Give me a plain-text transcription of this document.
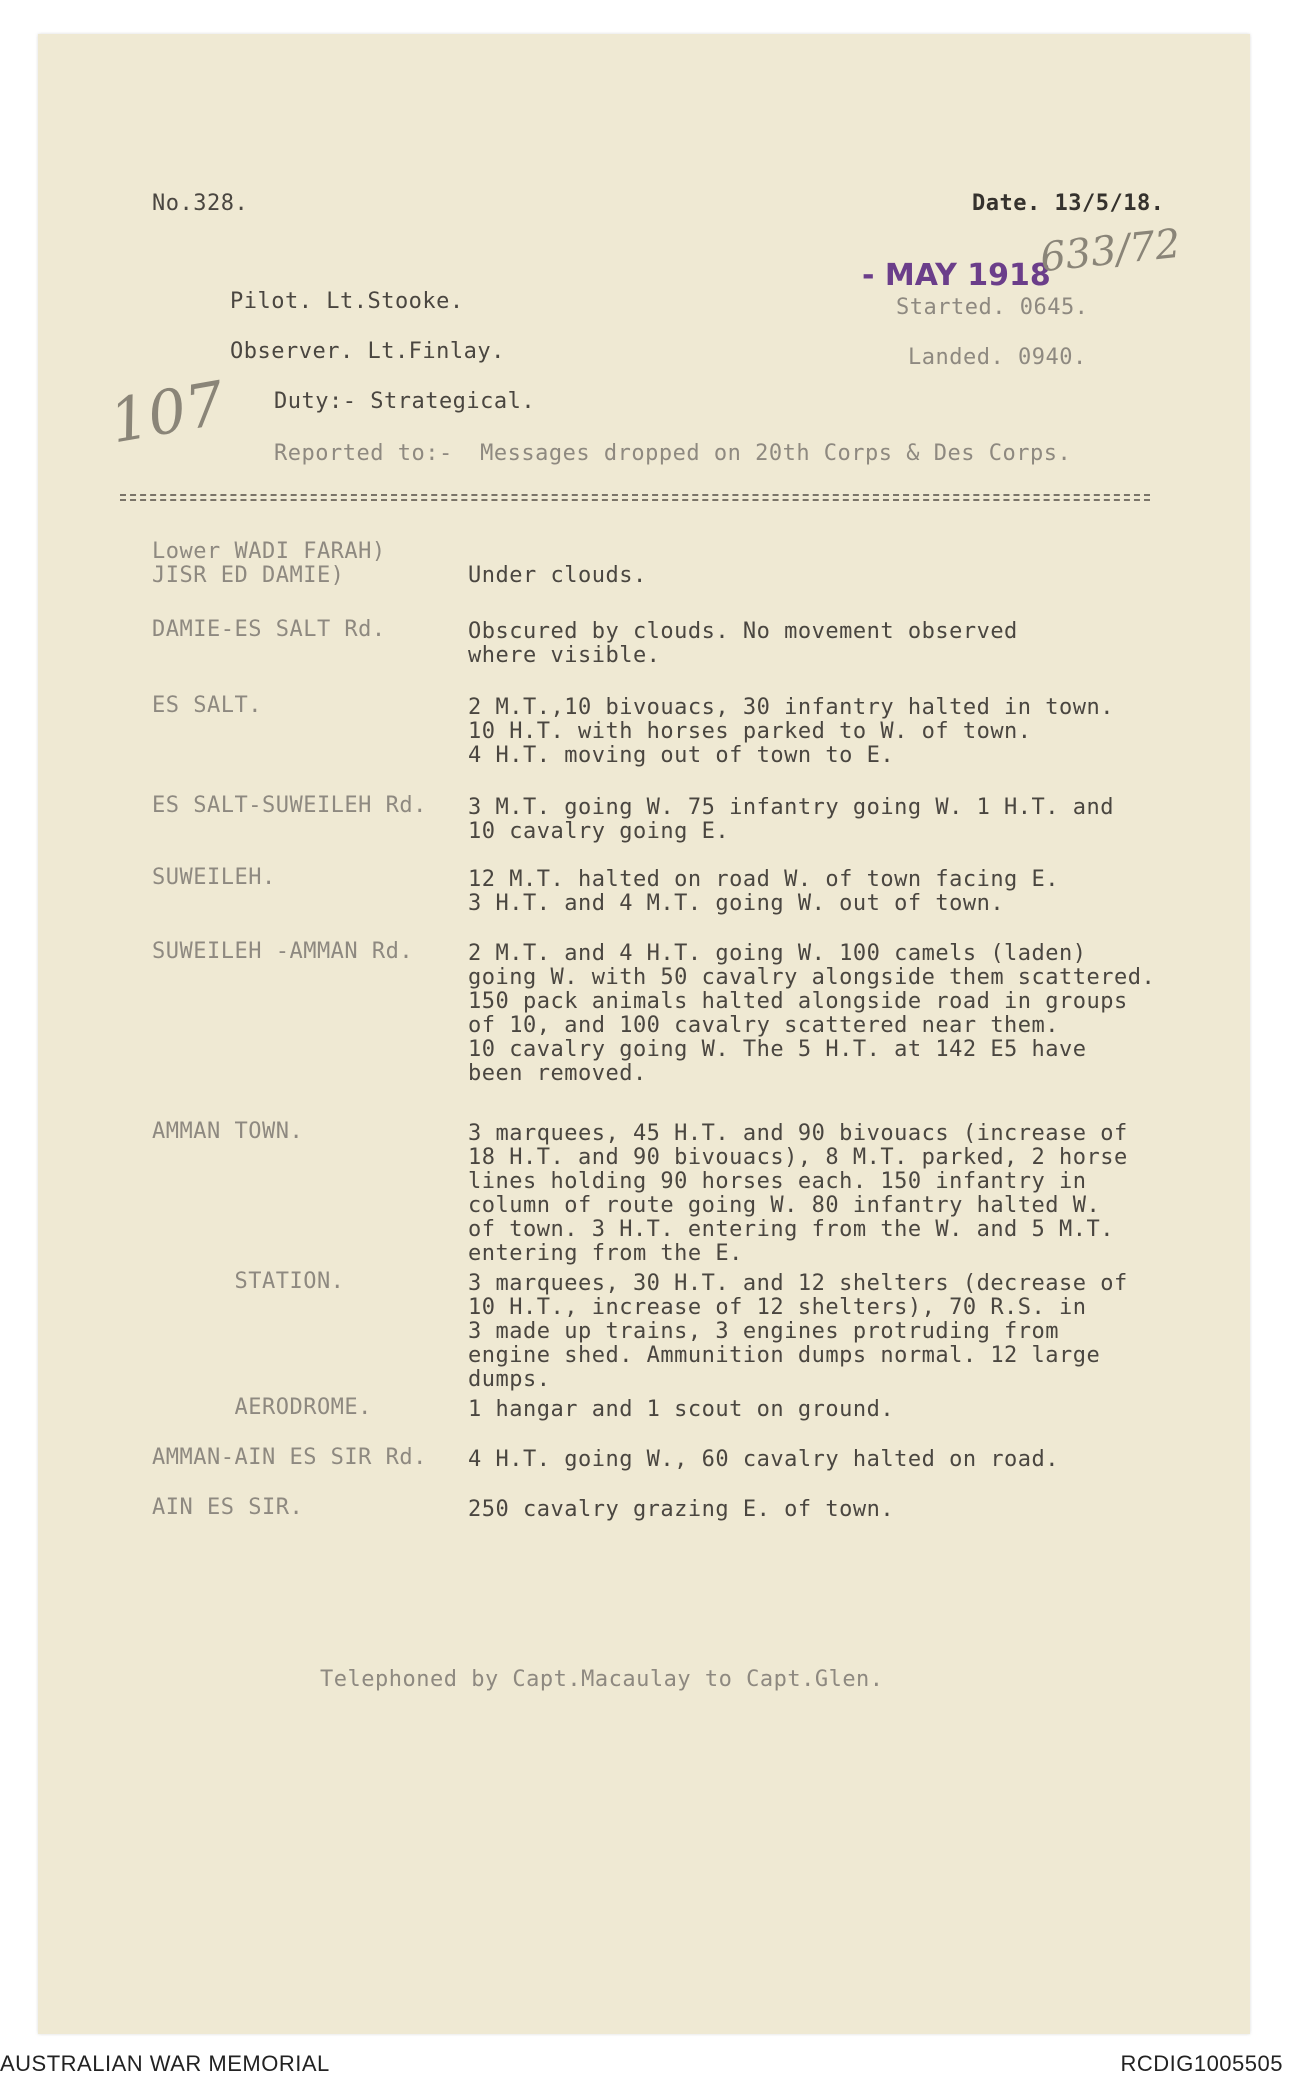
No.328.	Date. 13/5/18.
- MAY 1918
633/72
107
Pilot. Lt.Stooke.	Started. 0645.
Observer. Lt.Finlay.	Landed. 0940.
Duty:- Strategical.
Reported to:-  Messages dropped on 20th Corps & Des Corps.
Lower WADI FARAH)
JISR ED DAMIE)	
Under clouds.
DAMIE-ES SALT Rd.	Obscured by clouds. No movement observed
where visible.
ES SALT.	2 M.T.,10 bivouacs, 30 infantry halted in town.
10 H.T. with horses parked to W. of town.
4 H.T. moving out of town to E.
ES SALT-SUWEILEH Rd. 3 M.T. going W. 75 infantry going W. 1 H.T. and
10 cavalry going E.
SUWEILEH.	12 M.T. halted on road W. of town facing E.
3 H.T. and 4 M.T. going W. out of town.
SUWEILEH -AMMAN Rd. 2 M.T. and 4 H.T. going W. 100 camels (laden)
going W. with 50 cavalry alongside them scattered.
150 pack animals halted alongside road in groups
of 10, and 100 cavalry scattered near them.
10 cavalry going W. The 5 H.T. at 142 E5 have
been removed.
AMMAN TOWN.	3 marquees, 45 H.T. and 90 bivouacs (increase of
18 H.T. and 90 bivouacs), 8 M.T. parked, 2 horse
lines holding 90 horses each. 150 infantry in
column of route going W. 80 infantry halted W.
of town. 3 H.T. entering from the W. and 5 M.T.
entering from the E.
STATION.	3 marquees, 30 H.T. and 12 shelters (decrease of
10 H.T., increase of 12 shelters), 70 R.S. in
3 made up trains, 3 engines protruding from
engine shed. Ammunition dumps normal. 12 large
dumps.
AERODROME.	1 hangar and 1 scout on ground.
AMMAN-AIN ES SIR Rd. 4 H.T. going W., 60 cavalry halted on road.
AIN ES SIR.	250 cavalry grazing E. of town.
Telephoned by Capt.Macaulay to Capt.Glen.
AUSTRALIAN WAR MEMORIAL	RCDIG1005505
